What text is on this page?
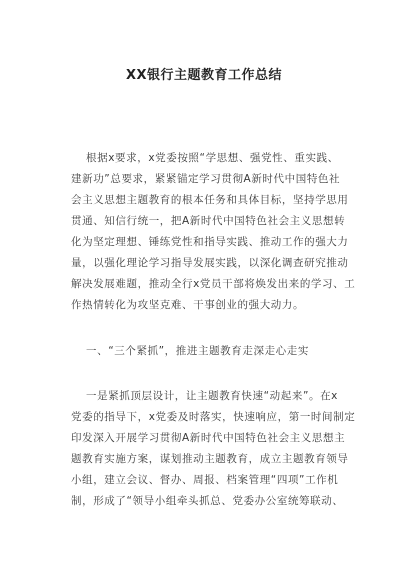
XX银行主题教育工作总结
根据x要求，x党委按照“学思想、强党性、重实践、
建新功”总要求，紧紧锚定学习贯彻A新时代中国特色社
会主义思想主题教育的根本任务和具体目标，坚持学思用
贯通、知信行统一，把A新时代中国特色社会主义思想转
化为坚定理想、锤练党性和指导实践、推动工作的强大力
量，以强化理论学习指导发展实践，以深化调查研究推动
解决发展难题，推动全行x党员干部将焕发出来的学习、工
作热情转化为攻坚克难、干事创业的强大动力。
一、“三个紧抓”，推进主题教育走深走心走实
一是紧抓顶层设计，让主题教育快速“动起来”。在x
党委的指导下，x党委及时落实，快速响应，第一时间制定
印发深入开展学习贯彻A新时代中国特色社会主义思想主
题教育实施方案，谋划推动主题教育，成立主题教育领导
小组，建立会议、督办、周报、档案管理“四项”工作机
制，形成了“领导小组牵头抓总、党委办公室统筹联动、
